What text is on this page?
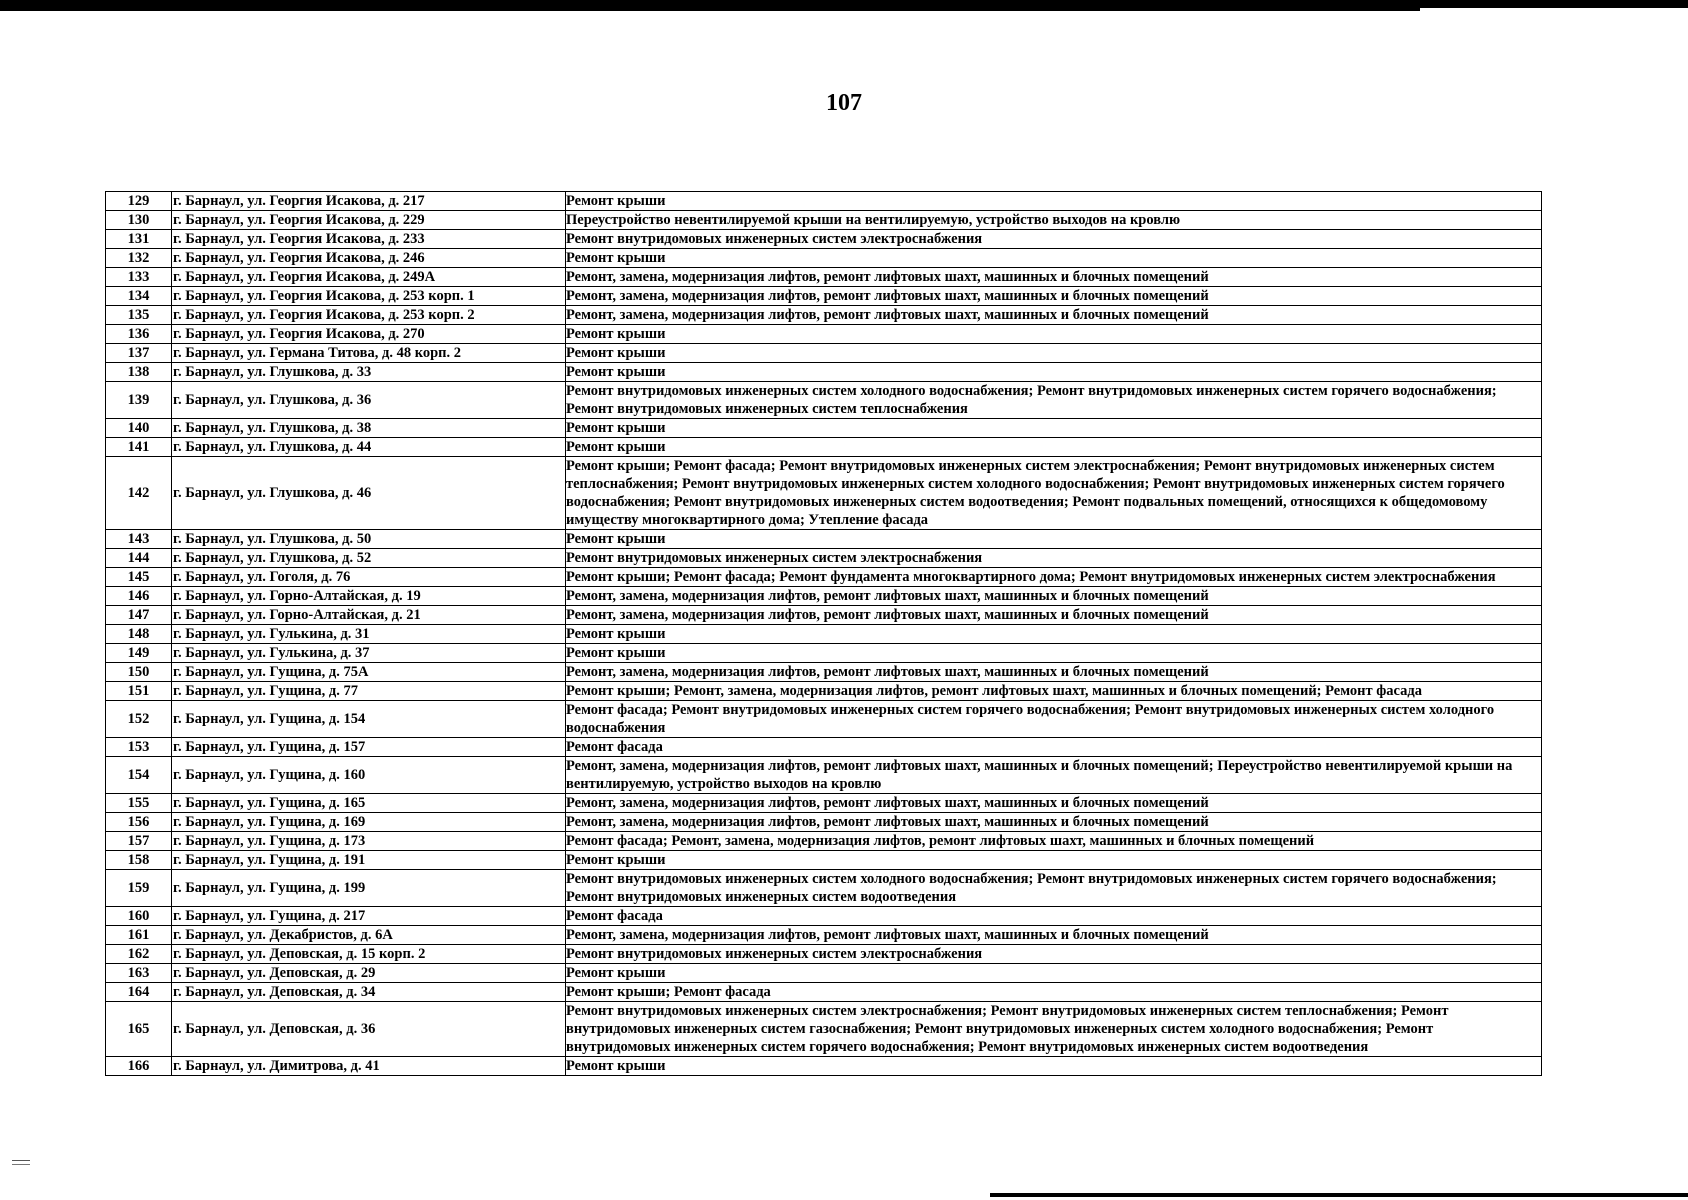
107
129	г. Барнаул, ул. Георгия Исакова, д. 217	Ремонт крыши
130	г. Барнаул, ул. Георгия Исакова, д. 229	Переустройство невентилируемой крыши на вентилируемую, устройство выходов на кровлю
131	г. Барнаул, ул. Георгия Исакова, д. 233	Ремонт внутридомовых инженерных систем электроснабжения
132	г. Барнаул, ул. Георгия Исакова, д. 246	Ремонт крыши
133	г. Барнаул, ул. Георгия Исакова, д. 249А	Ремонт, замена, модернизация лифтов, ремонт лифтовых шахт, машинных и блочных помещений
134	г. Барнаул, ул. Георгия Исакова, д. 253 корп. 1	Ремонт, замена, модернизация лифтов, ремонт лифтовых шахт, машинных и блочных помещений
135	г. Барнаул, ул. Георгия Исакова, д. 253 корп. 2	Ремонт, замена, модернизация лифтов, ремонт лифтовых шахт, машинных и блочных помещений
136	г. Барнаул, ул. Георгия Исакова, д. 270	Ремонт крыши
137	г. Барнаул, ул. Германа Титова, д. 48 корп. 2	Ремонт крыши
138	г. Барнаул, ул. Глушкова, д. 33	Ремонт крыши
139	г. Барнаул, ул. Глушкова, д. 36	Ремонт внутридомовых инженерных систем холодного водоснабжения; Ремонт внутридомовых инженерных систем горячего водоснабжения; Ремонт внутридомовых инженерных систем теплоснабжения
140	г. Барнаул, ул. Глушкова, д. 38	Ремонт крыши
141	г. Барнаул, ул. Глушкова, д. 44	Ремонт крыши
142	г. Барнаул, ул. Глушкова, д. 46	Ремонт крыши; Ремонт фасада; Ремонт внутридомовых инженерных систем электроснабжения; Ремонт внутридомовых инженерных систем теплоснабжения; Ремонт внутридомовых инженерных систем холодного водоснабжения; Ремонт внутридомовых инженерных систем горячего водоснабжения; Ремонт внутридомовых инженерных систем водоотведения; Ремонт подвальных помещений, относящихся к общедомовому имуществу многоквартирного дома; Утепление фасада
143	г. Барнаул, ул. Глушкова, д. 50	Ремонт крыши
144	г. Барнаул, ул. Глушкова, д. 52	Ремонт внутридомовых инженерных систем электроснабжения
145	г. Барнаул, ул. Гоголя, д. 76	Ремонт крыши; Ремонт фасада; Ремонт фундамента многоквартирного дома; Ремонт внутридомовых инженерных систем электроснабжения
146	г. Барнаул, ул. Горно-Алтайская, д. 19	Ремонт, замена, модернизация лифтов, ремонт лифтовых шахт, машинных и блочных помещений
147	г. Барнаул, ул. Горно-Алтайская, д. 21	Ремонт, замена, модернизация лифтов, ремонт лифтовых шахт, машинных и блочных помещений
148	г. Барнаул, ул. Гулькина, д. 31	Ремонт крыши
149	г. Барнаул, ул. Гулькина, д. 37	Ремонт крыши
150	г. Барнаул, ул. Гущина, д. 75А	Ремонт, замена, модернизация лифтов, ремонт лифтовых шахт, машинных и блочных помещений
151	г. Барнаул, ул. Гущина, д. 77	Ремонт крыши; Ремонт, замена, модернизация лифтов, ремонт лифтовых шахт, машинных и блочных помещений; Ремонт фасада
152	г. Барнаул, ул. Гущина, д. 154	Ремонт фасада; Ремонт внутридомовых инженерных систем горячего водоснабжения; Ремонт внутридомовых инженерных систем холодного водоснабжения
153	г. Барнаул, ул. Гущина, д. 157	Ремонт фасада
154	г. Барнаул, ул. Гущина, д. 160	Ремонт, замена, модернизация лифтов, ремонт лифтовых шахт, машинных и блочных помещений; Переустройство невентилируемой крыши на вентилируемую, устройство выходов на кровлю
155	г. Барнаул, ул. Гущина, д. 165	Ремонт, замена, модернизация лифтов, ремонт лифтовых шахт, машинных и блочных помещений
156	г. Барнаул, ул. Гущина, д. 169	Ремонт, замена, модернизация лифтов, ремонт лифтовых шахт, машинных и блочных помещений
157	г. Барнаул, ул. Гущина, д. 173	Ремонт фасада; Ремонт, замена, модернизация лифтов, ремонт лифтовых шахт, машинных и блочных помещений
158	г. Барнаул, ул. Гущина, д. 191	Ремонт крыши
159	г. Барнаул, ул. Гущина, д. 199	Ремонт внутридомовых инженерных систем холодного водоснабжения; Ремонт внутридомовых инженерных систем горячего водоснабжения; Ремонт внутридомовых инженерных систем водоотведения
160	г. Барнаул, ул. Гущина, д. 217	Ремонт фасада
161	г. Барнаул, ул. Декабристов, д. 6А	Ремонт, замена, модернизация лифтов, ремонт лифтовых шахт, машинных и блочных помещений
162	г. Барнаул, ул. Деповская, д. 15 корп. 2	Ремонт внутридомовых инженерных систем электроснабжения
163	г. Барнаул, ул. Деповская, д. 29	Ремонт крыши
164	г. Барнаул, ул. Деповская, д. 34	Ремонт крыши; Ремонт фасада
165	г. Барнаул, ул. Деповская, д. 36	Ремонт внутридомовых инженерных систем электроснабжения; Ремонт внутридомовых инженерных систем теплоснабжения; Ремонт внутридомовых инженерных систем газоснабжения; Ремонт внутридомовых инженерных систем холодного водоснабжения; Ремонт внутридомовых инженерных систем горячего водоснабжения; Ремонт внутридомовых инженерных систем водоотведения
166	г. Барнаул, ул. Димитрова, д. 41	Ремонт крыши
